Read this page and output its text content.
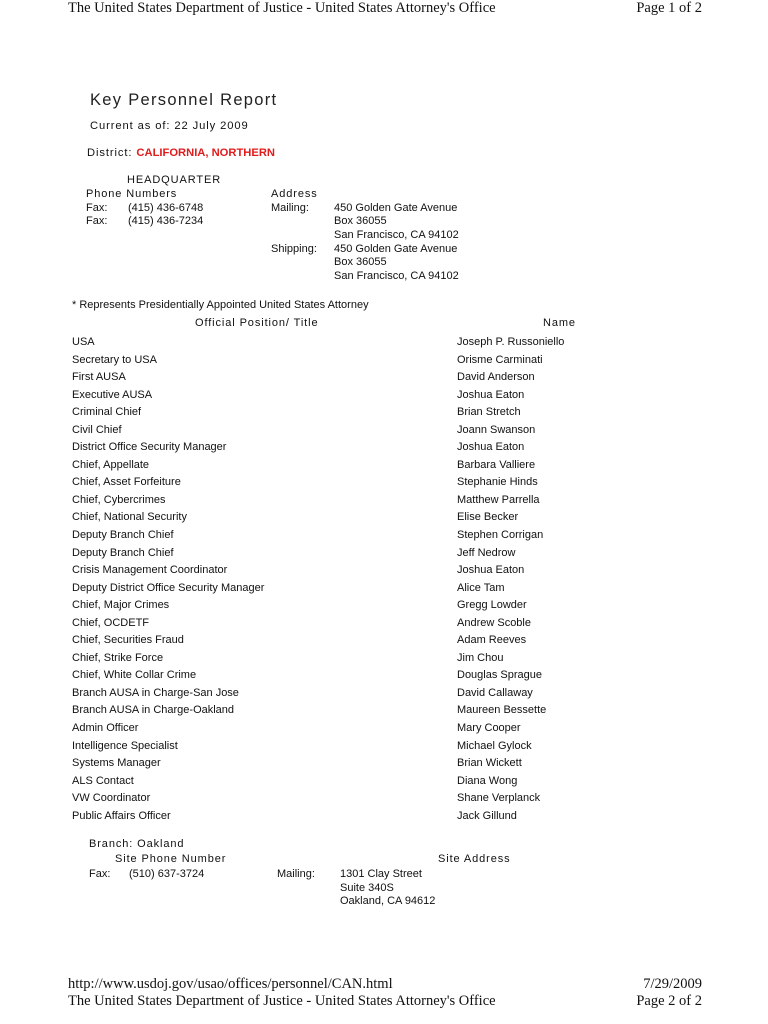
The United States Department of Justice - United States Attorney's Office	Page 1 of 2
Key Personnel Report
Current as of: 22 July 2009
District: CALIFORNIA, NORTHERN
HEADQUARTER
Phone Numbers	Address
Fax: (415) 436-6748
Fax: (415) 436-7234
Mailing: 450 Golden Gate Avenue
Box 36055
San Francisco, CA 94102
Shipping: 450 Golden Gate Avenue
Box 36055
San Francisco, CA 94102
* Represents Presidentially Appointed United States Attorney
Official Position/ Title	Name
USA	Joseph P. Russoniello
Secretary to USA	Orisme Carminati
First AUSA	David Anderson
Executive AUSA	Joshua Eaton
Criminal Chief	Brian Stretch
Civil Chief	Joann Swanson
District Office Security Manager	Joshua Eaton
Chief, Appellate	Barbara Valliere
Chief, Asset Forfeiture	Stephanie Hinds
Chief, Cybercrimes	Matthew Parrella
Chief, National Security	Elise Becker
Deputy Branch Chief	Stephen Corrigan
Deputy Branch Chief	Jeff Nedrow
Crisis Management Coordinator	Joshua Eaton
Deputy District Office Security Manager	Alice Tam
Chief, Major Crimes	Gregg Lowder
Chief, OCDETF	Andrew Scoble
Chief, Securities Fraud	Adam Reeves
Chief, Strike Force	Jim Chou
Chief, White Collar Crime	Douglas Sprague
Branch AUSA in Charge-San Jose	David Callaway
Branch AUSA in Charge-Oakland	Maureen Bessette
Admin Officer	Mary Cooper
Intelligence Specialist	Michael Gylock
Systems Manager	Brian Wickett
ALS Contact	Diana Wong
VW Coordinator	Shane Verplanck
Public Affairs Officer	Jack Gillund
Branch: Oakland
Site Phone Number	Site Address
Fax: (510) 637-3724	Mailing: 1301 Clay Street
Suite 340S
Oakland, CA 94612
http://www.usdoj.gov/usao/offices/personnel/CAN.html	7/29/2009
The United States Department of Justice - United States Attorney's Office	Page 2 of 2
